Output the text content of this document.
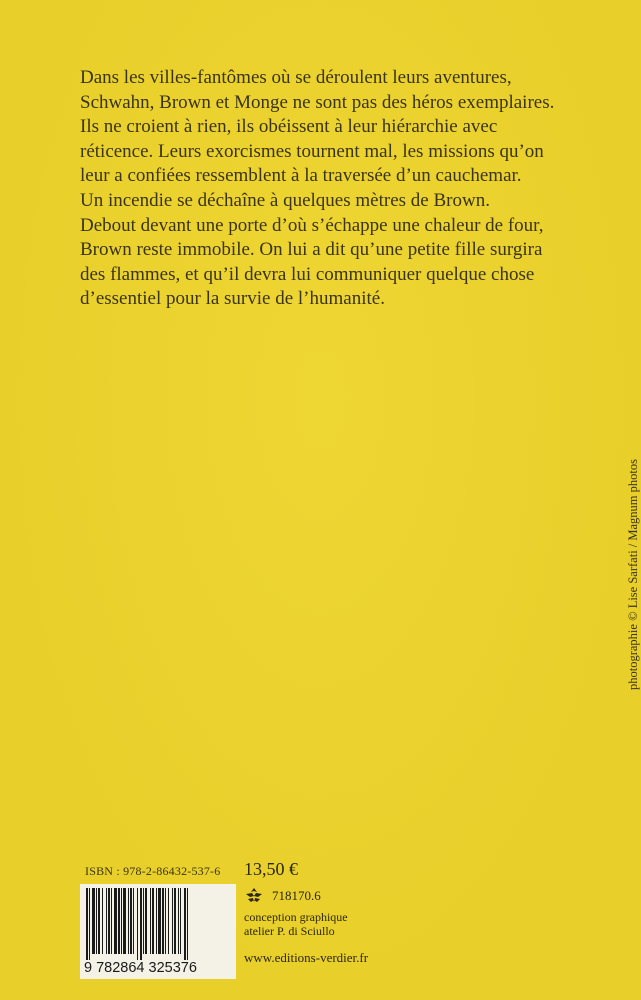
Dans les villes-fantômes où se déroulent leurs aventures,
Schwahn, Brown et Monge ne sont pas des héros exemplaires.
Ils ne croient à rien, ils obéissent à leur hiérarchie avec
réticence. Leurs exorcismes tournent mal, les missions qu’on
leur a confiées ressemblent à la traversée d’un cauchemar.
Un incendie se déchaîne à quelques mètres de Brown.
Debout devant une porte d’où s’échappe une chaleur de four,
Brown reste immobile. On lui a dit qu’une petite fille surgira
des flammes, et qu’il devra lui communiquer quelque chose
d’essentiel pour la survie de l’humanité.
photographie © Lise Sarfati / Magnum photos
ISBN : 978-2-86432-537-6
9 782864 325376
13,50 €
718170.6
conception graphique
atelier P. di Sciullo
www.editions-verdier.fr
